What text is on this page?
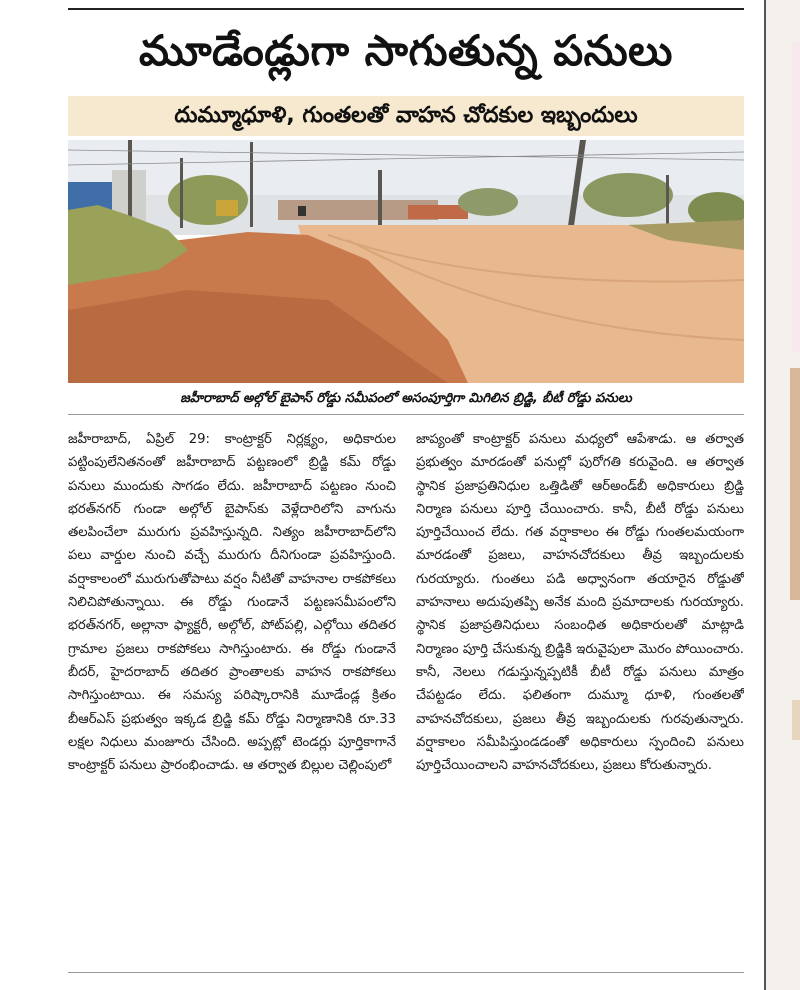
మూడేండ్లుగా సాగుతున్న పనులు
దుమ్మూధూళి, గుంతలతో వాహన చోదకుల ఇబ్బందులు
జహీరాబాద్ అల్గోల్ బైపాస్ రోడ్డు సమీపంలో అసంపూర్తిగా మిగిలిన బ్రిడ్జి, బీటీ రోడ్డు పనులు

జహీరాబాద్, ఏప్రిల్ 29: కాంట్రాక్టర్ నిర్లక్ష్యం, అధికారుల పట్టింపులేనితనంతో జహీరాబాద్ పట్టణంలో బ్రిడ్జి కమ్ రోడ్డు పనులు ముందుకు సాగడం లేదు. జహీరాబాద్ పట్టణం నుంచి భరత్‌నగర్ గుండా అల్గోల్ బైపాస్‌కు వెళ్లేదారిలోని వాగును తలపించేలా మురుగు ప్రవహిస్తున్నది. నిత్యం జహీరాబాద్‌లోని పలు వార్డుల నుంచి వచ్చే మురుగు దీనిగుండా ప్రవహిస్తుంది. వర్షాకాలంలో మురుగుతోపాటు వర్షం నీటితో వాహనాల రాకపోకలు నిలిచిపోతున్నాయి. ఈ రోడ్డు గుండానే పట్టణసమీపంలోని భరత్‌నగర్, అల్లానా ఫ్యాక్టరీ, అల్గోల్, పోట్‌పల్లి, ఎల్గోయి తదితర గ్రామాల ప్రజలు రాకపోకలు సాగిస్తుంటారు. ఈ రోడ్డు గుండానే బీదర్, హైదరాబాద్ తదితర ప్రాంతాలకు వాహన రాకపోకలు సాగిస్తుంటాయి. ఈ సమస్య పరిష్కారానికి మూడేండ్ల క్రితం బీఆర్‌ఎస్ ప్రభుత్వం ఇక్కడ బ్రిడ్జి కమ్ రోడ్డు నిర్మాణానికి రూ.33 లక్షల నిధులు మంజూరు చేసింది. అప్పట్లో టెండర్లు పూర్తికాగానే కాంట్రాక్టర్ పనులు ప్రారంభించాడు. ఆ తర్వాత బిల్లుల చెల్లింపులో

జాప్యంతో కాంట్రాక్టర్ పనులు మధ్యలో ఆపేశాడు. ఆ తర్వాత ప్రభుత్వం మారడంతో పనుల్లో పురోగతి కరువైంది. ఆ తర్వాత స్థానిక ప్రజాప్రతినిధుల ఒత్తిడితో ఆర్‌అండ్‌బీ అధికారులు బ్రిడ్జి నిర్మాణ పనులు పూర్తి చేయించారు. కానీ, బీటీ రోడ్డు పనులు పూర్తిచేయించ లేదు. గత వర్షాకాలం ఈ రోడ్డు గుంతలమయంగా మారడంతో ప్రజలు, వాహనచోదకులు తీవ్ర ఇబ్బందులకు గురయ్యారు. గుంతలు పడి అధ్వానంగా తయారైన రోడ్డుతో వాహనాలు అదుపుతప్పి అనేక మంది ప్రమాదాలకు గురయ్యారు. స్థానిక ప్రజాప్రతినిధులు సంబంధిత అధికారులతో మాట్లాడి నిర్మాణం పూర్తి చేసుకున్న బ్రిడ్జికి ఇరువైపులా మొరం పోయించారు. కానీ, నెలలు గడుస్తున్నప్పటికీ బీటీ రోడ్డు పనులు మాత్రం చేపట్టడం లేదు. ఫలితంగా దుమ్మూ ధూళి, గుంతలతో వాహనచోదకులు, ప్రజలు తీవ్ర ఇబ్బందులకు గురవుతున్నారు. వర్షాకాలం సమీపిస్తుండడంతో అధికారులు స్పందించి పనులు పూర్తిచేయించాలని వాహనచోదకులు, ప్రజలు కోరుతున్నారు.
